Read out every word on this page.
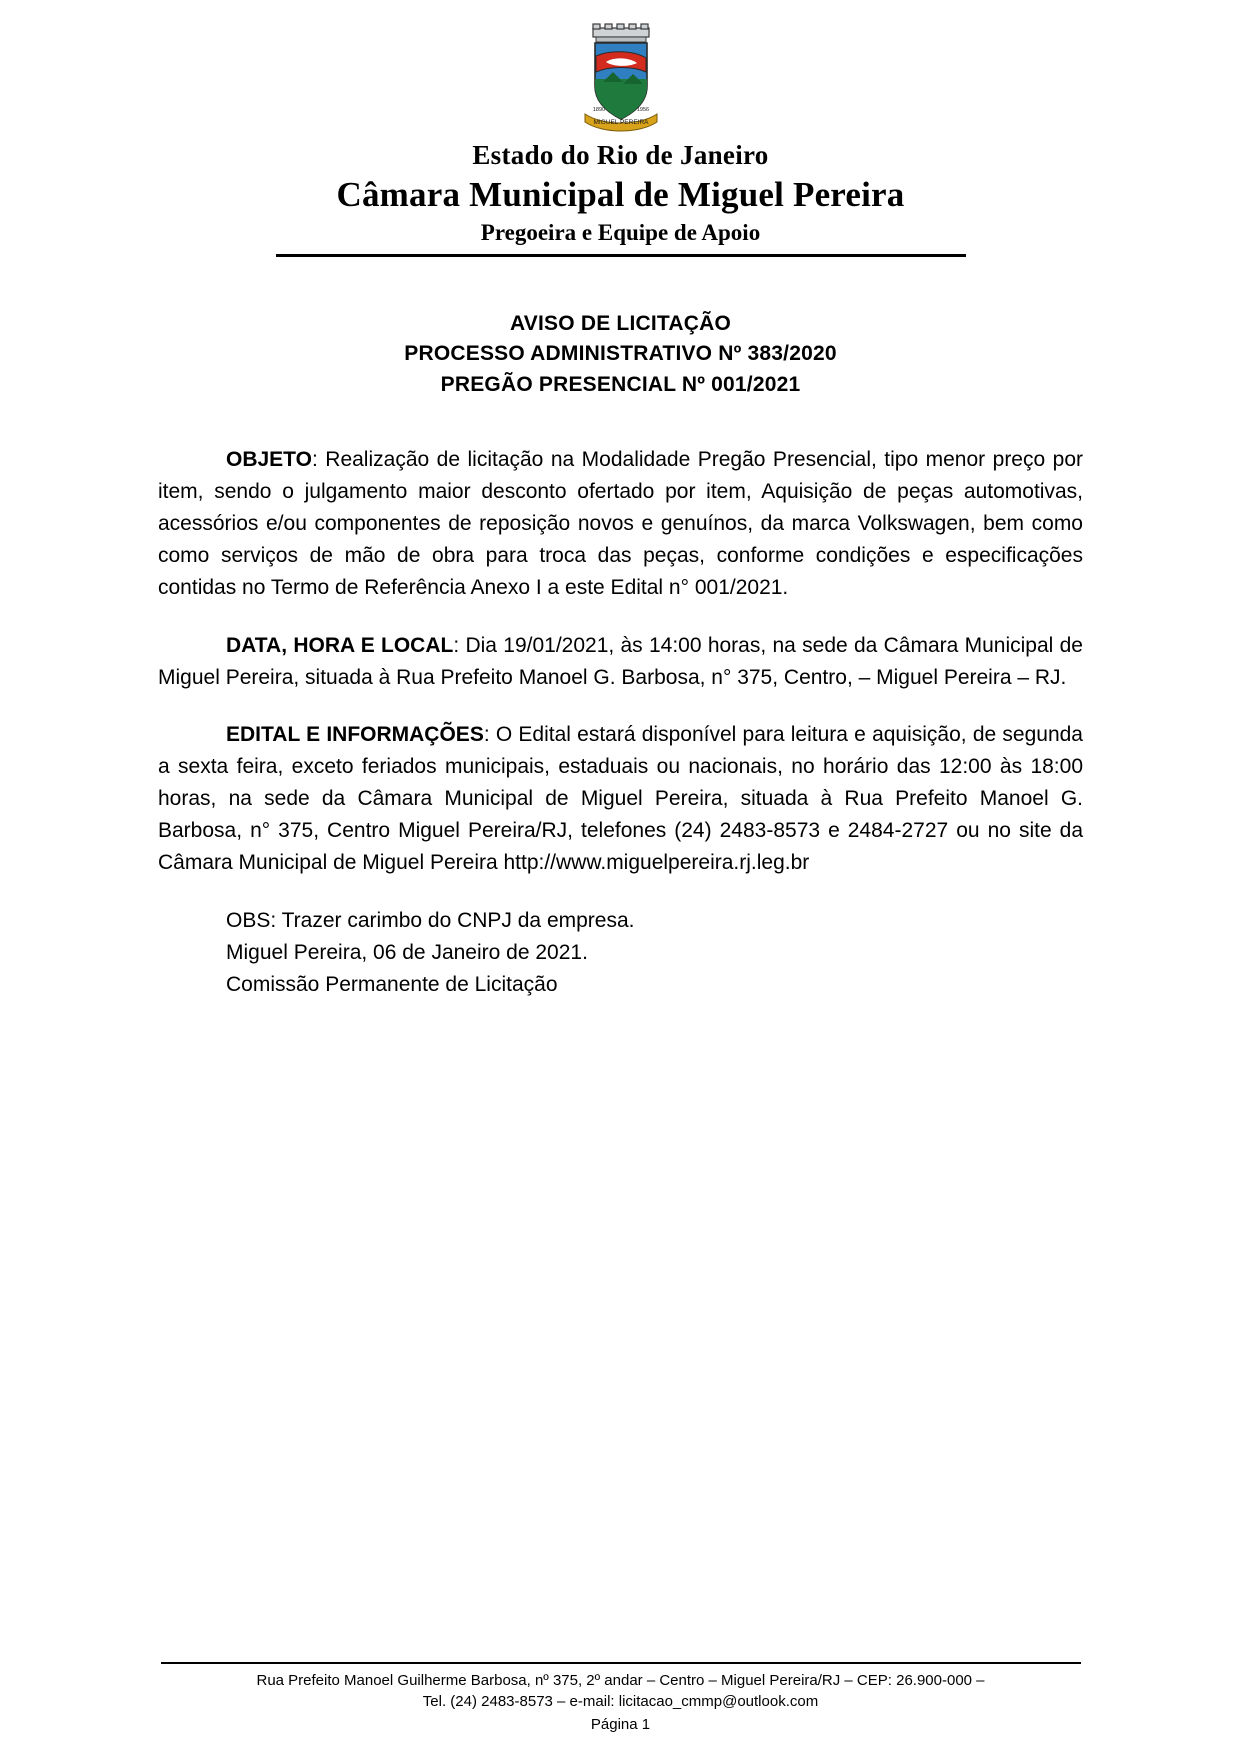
MIGUEL PEREIRA
1890	1956
Estado do Rio de Janeiro
Câmara Municipal de Miguel Pereira
Pregoeira e Equipe de Apoio
AVISO DE LICITAÇÃO
PROCESSO ADMINISTRATIVO Nº 383/2020
PREGÃO PRESENCIAL Nº 001/2021

OBJETO: Realização de licitação na Modalidade Pregão Presencial, tipo menor preço por item, sendo o julgamento maior desconto ofertado por item, Aquisição de peças automotivas, acessórios e/ou componentes de reposição novos e genuínos, da marca Volkswagen, bem como como serviços de mão de obra para troca das peças, conforme condições e especificações contidas no Termo de Referência Anexo I a este Edital n° 001/2021.

DATA, HORA E LOCAL: Dia 19/01/2021, às 14:00 horas, na sede da Câmara Municipal de Miguel Pereira, situada à Rua Prefeito Manoel G. Barbosa, n° 375, Centro, – Miguel Pereira – RJ.

EDITAL E INFORMAÇÕES: O Edital estará disponível para leitura e aquisição, de segunda a sexta feira, exceto feriados municipais, estaduais ou nacionais, no horário das 12:00 às 18:00 horas, na sede da Câmara Municipal de Miguel Pereira, situada à Rua Prefeito Manoel G. Barbosa, n° 375, Centro Miguel Pereira/RJ, telefones (24) 2483-8573 e 2484-2727 ou no site da Câmara Municipal de Miguel Pereira http://www.miguelpereira.rj.leg.br

OBS: Trazer carimbo do CNPJ da empresa.

Miguel Pereira, 06 de Janeiro de 2021.

Comissão Permanente de Licitação

Rua Prefeito Manoel Guilherme Barbosa, nº 375, 2º andar – Centro – Miguel Pereira/RJ – CEP: 26.900-000 –
Tel. (24) 2483-8573 – e-mail: licitacao_cmmp@outlook.com
Página 1
